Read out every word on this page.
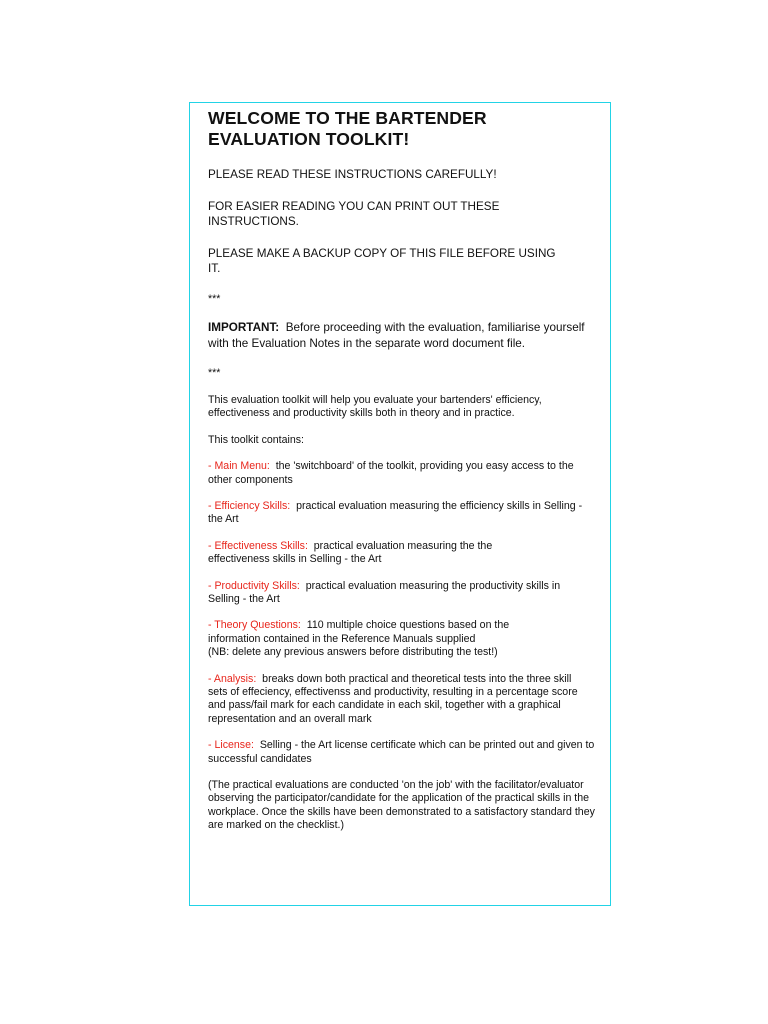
WELCOME TO THE BARTENDER
EVALUATION TOOLKIT!

PLEASE READ THESE INSTRUCTIONS CAREFULLY!

FOR EASIER READING YOU CAN PRINT OUT THESE INSTRUCTIONS.

PLEASE MAKE A BACKUP COPY OF THIS FILE BEFORE USING IT.

***

IMPORTANT: Before proceeding with the evaluation, familiarise yourself with the Evaluation Notes in the separate word document file.

***

This evaluation toolkit will help you evaluate your bartenders' efficiency, effectiveness and productivity skills both in theory and in practice.

This toolkit contains:

- Main Menu: the 'switchboard' of the toolkit, providing you easy access to the other components

- Efficiency Skills: practical evaluation measuring the efficiency skills in Selling - the Art

- Effectiveness Skills: practical evaluation measuring the the effectiveness skills in Selling - the Art

- Productivity Skills: practical evaluation measuring the productivity skills in Selling - the Art

- Theory Questions: 110 multiple choice questions based on the information contained in the Reference Manuals supplied
(NB: delete any previous answers before distributing the test!)

- Analysis: breaks down both practical and theoretical tests into the three skill sets of effeciency, effectivenss and productivity, resulting in a percentage score and pass/fail mark for each candidate in each skil, together with a graphical representation and an overall mark

- License: Selling - the Art license certificate which can be printed out and given to successful candidates

(The practical evaluations are conducted 'on the job' with the facilitator/evaluator observing the participator/candidate for the application of the practical skills in the workplace. Once the skills have been demonstrated to a satisfactory standard they are marked on the checklist.)
